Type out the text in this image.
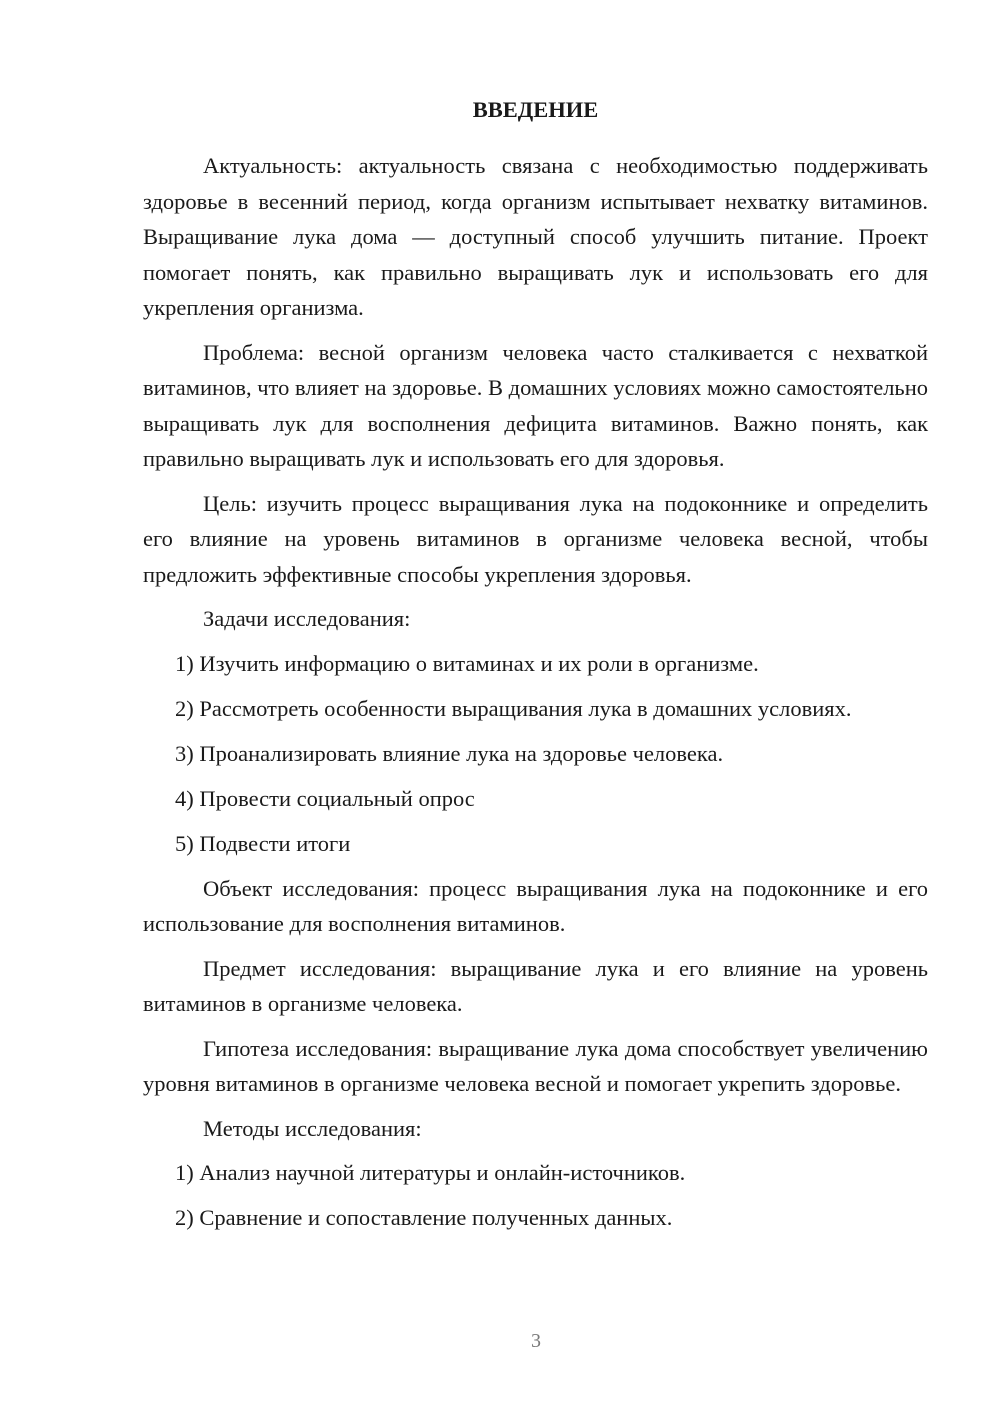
ВВЕДЕНИЕ

Актуальность: актуальность связана с необходимостью поддерживать здоровье в весенний период, когда организм испытывает нехватку витаминов. Выращивание лука дома — доступный способ улучшить питание. Проект помогает понять, как правильно выращивать лук и использовать его для укрепления организма.

Проблема: весной организм человека часто сталкивается с нехваткой витаминов, что влияет на здоровье. В домашних условиях можно самостоятельно выращивать лук для восполнения дефицита витаминов. Важно понять, как правильно выращивать лук и использовать его для здоровья.

Цель: изучить процесс выращивания лука на подоконнике и определить его влияние на уровень витаминов в организме человека весной, чтобы предложить эффективные способы укрепления здоровья.

Задачи исследования:

1) Изучить информацию о витаминах и их роли в организме.
2) Рассмотреть особенности выращивания лука в домашних условиях.
3) Проанализировать влияние лука на здоровье человека.
4) Провести социальный опрос
5) Подвести итоги

Объект исследования: процесс выращивания лука на подоконнике и его использование для восполнения витаминов.

Предмет исследования: выращивание лука и его влияние на уровень витаминов в организме человека.

Гипотеза исследования: выращивание лука дома способствует увеличению уровня витаминов в организме человека весной и помогает укрепить здоровье.

Методы исследования:

1) Анализ научной литературы и онлайн-источников.
2) Сравнение и сопоставление полученных данных.
3
